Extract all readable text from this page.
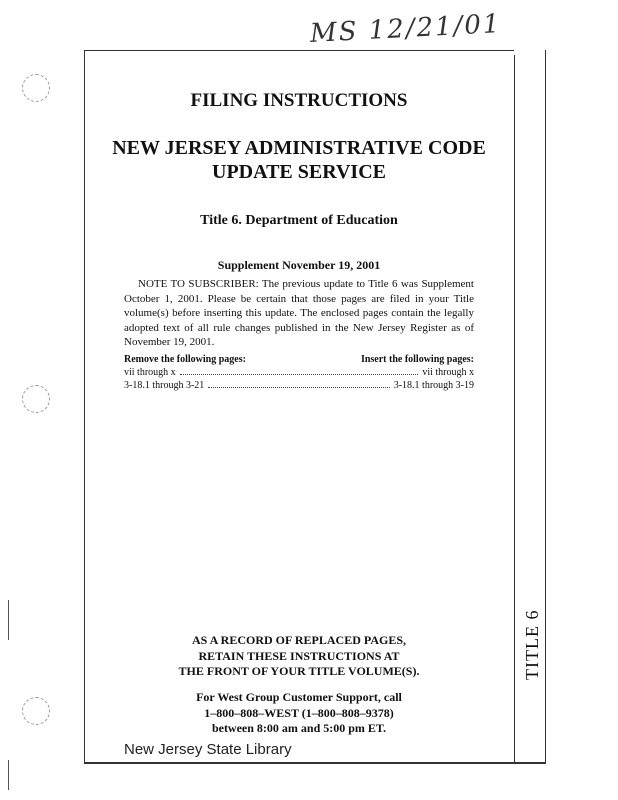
MS 12/21/01
FILING INSTRUCTIONS
NEW JERSEY ADMINISTRATIVE CODE
UPDATE SERVICE
Title 6. Department of Education
Supplement November 19, 2001
NOTE TO SUBSCRIBER: The previous update to Title 6 was Supplement October 1, 2001. Please be certain that those pages are filed in your Title volume(s) before inserting this update. The enclosed pages contain the legally adopted text of all rule changes published in the New Jersey Register as of November 19, 2001.
Remove the following pages:	Insert the following pages:
vii through x	vii through x
3-18.1 through 3-21	3-18.1 through 3-19
AS A RECORD OF REPLACED PAGES,
RETAIN THESE INSTRUCTIONS AT
THE FRONT OF YOUR TITLE VOLUME(S).
For West Group Customer Support, call
1–800–808–WEST (1–800–808–9378)
between 8:00 am and 5:00 pm ET.
TITLE 6
New Jersey State Library
